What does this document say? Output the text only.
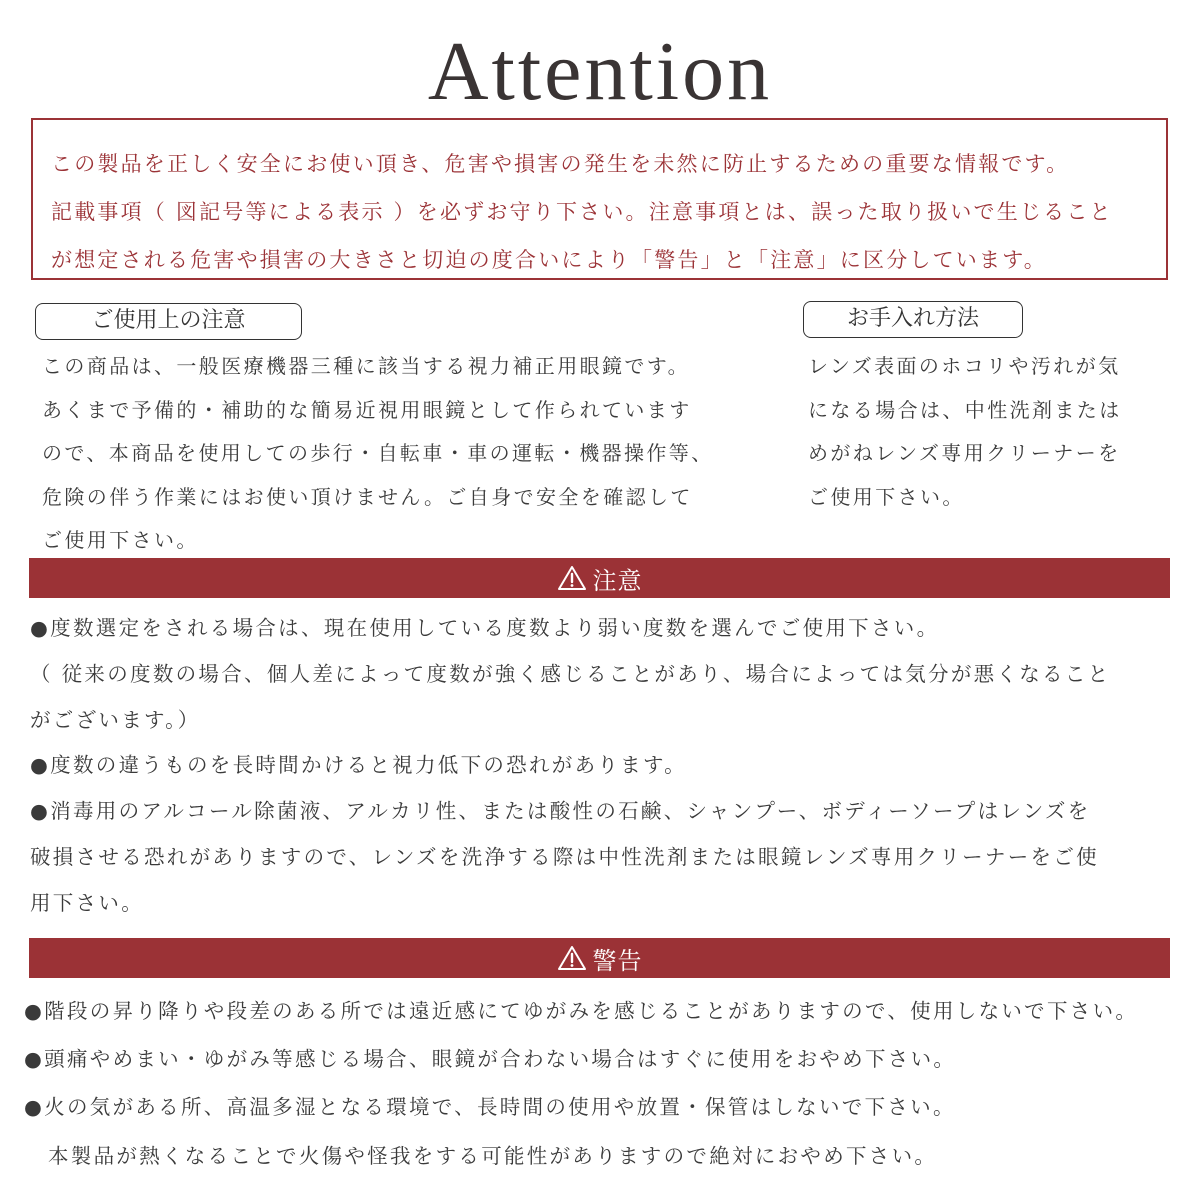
Attention
この製品を正しく安全にお使い頂き、危害や損害の発生を未然に防止するための重要な情報です。
記載事項（ 図記号等による表示 ）を必ずお守り下さい。注意事項とは、誤った取り扱いで生じること
が想定される危害や損害の大きさと切迫の度合いにより「警告」と「注意」に区分しています。
ご使用上の注意
この商品は、一般医療機器三種に該当する視力補正用眼鏡です。
あくまで予備的・補助的な簡易近視用眼鏡として作られています
ので、本商品を使用しての歩行・自転車・車の運転・機器操作等、
危険の伴う作業にはお使い頂けません。ご自身で安全を確認して
ご使用下さい。
お手入れ方法
レンズ表面のホコリや汚れが気
になる場合は、中性洗剤または
めがねレンズ専用クリーナーを
ご使用下さい。
注意
●度数選定をされる場合は、現在使用している度数より弱い度数を選んでご使用下さい。
（ 従来の度数の場合、個人差によって度数が強く感じることがあり、場合によっては気分が悪くなること
がございます。）
●度数の違うものを長時間かけると視力低下の恐れがあります。
●消毒用のアルコール除菌液、アルカリ性、または酸性の石鹸、シャンプー、ボディーソープはレンズを
破損させる恐れがありますので、レンズを洗浄する際は中性洗剤または眼鏡レンズ専用クリーナーをご使
用下さい。
警告
●階段の昇り降りや段差のある所では遠近感にてゆがみを感じることがありますので、使用しないで下さい。
●頭痛やめまい・ゆがみ等感じる場合、眼鏡が合わない場合はすぐに使用をおやめ下さい。
●火の気がある所、高温多湿となる環境で、長時間の使用や放置・保管はしないで下さい。
本製品が熱くなることで火傷や怪我をする可能性がありますので絶対におやめ下さい。
